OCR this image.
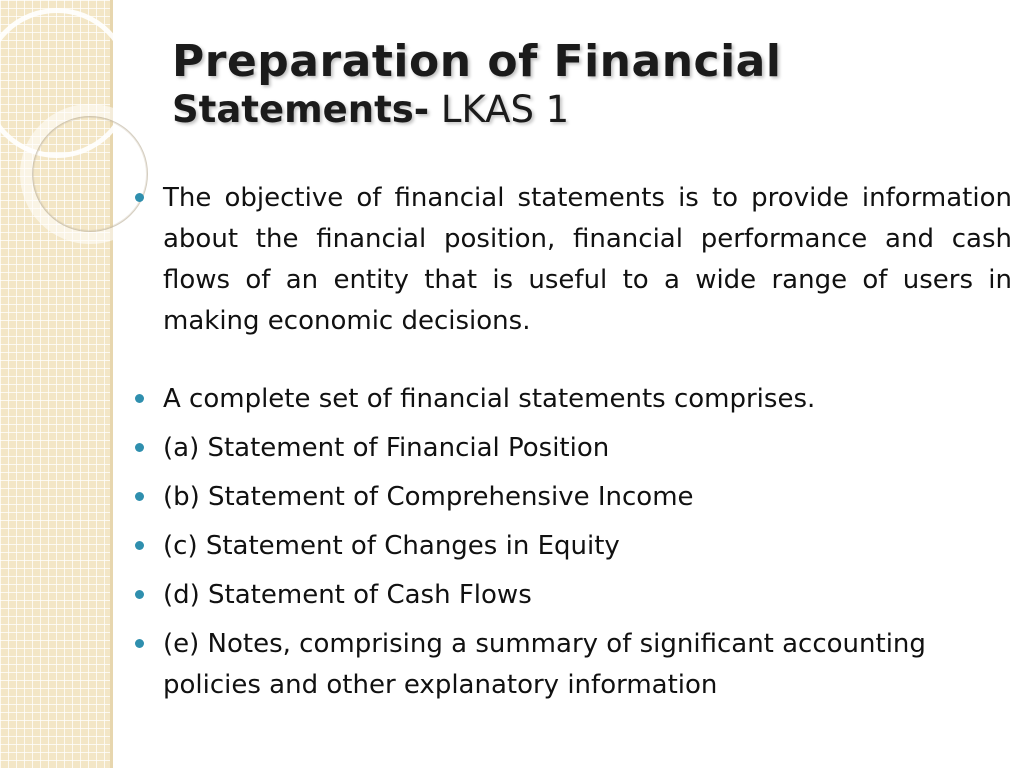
Preparation of Financial
Statements- LKAS 1
The objective of financial statements is to provide information about the financial position, financial performance and cash flows of an entity that is useful to a wide range of users in making economic decisions.
A complete set of financial statements comprises.
(a) Statement of Financial Position
(b) Statement of Comprehensive Income
(c) Statement of Changes in Equity
(d) Statement of Cash Flows
(e) Notes, comprising a summary of significant accounting policies and other explanatory information
